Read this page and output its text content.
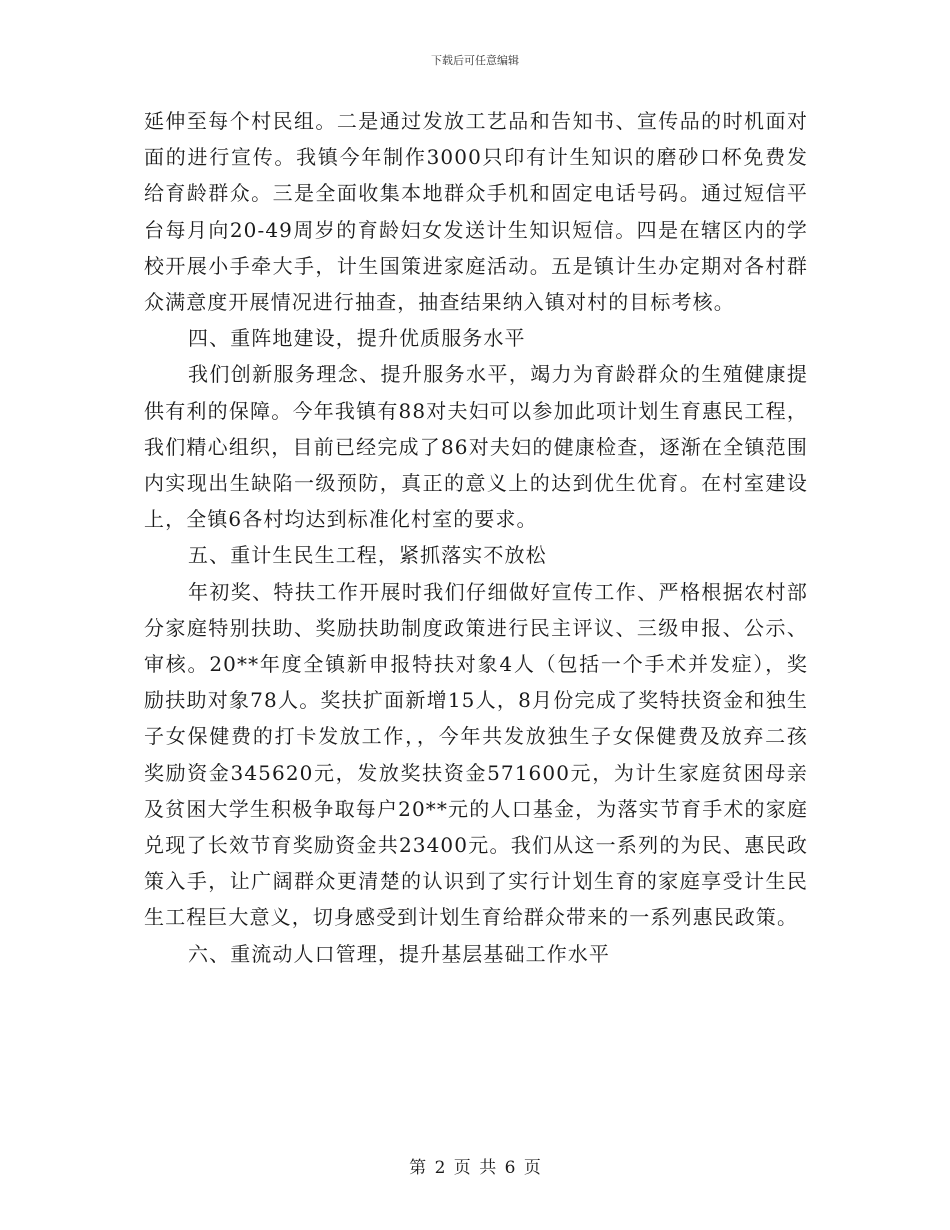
下载后可任意编辑

延伸至每个村民组。二是通过发放工艺品和告知书、宣传品的时机面对面的进行宣传。我镇今年制作3000只印有计生知识的磨砂口杯免费发给育龄群众。三是全面收集本地群众手机和固定电话号码。通过短信平台每月向20-49周岁的育龄妇女发送计生知识短信。四是在辖区内的学校开展小手牵大手，计生国策进家庭活动。五是镇计生办定期对各村群众满意度开展情况进行抽查，抽查结果纳入镇对村的目标考核。

四、重阵地建设，提升优质服务水平

我们创新服务理念、提升服务水平，竭力为育龄群众的生殖健康提供有利的保障。今年我镇有88对夫妇可以参加此项计划生育惠民工程，我们精心组织，目前已经完成了86对夫妇的健康检查，逐渐在全镇范围内实现出生缺陷一级预防，真正的意义上的达到优生优育。在村室建设上，全镇6各村均达到标准化村室的要求。

五、重计生民生工程，紧抓落实不放松

年初奖、特扶工作开展时我们仔细做好宣传工作、严格根据农村部分家庭特别扶助、奖励扶助制度政策进行民主评议、三级申报、公示、审核。20**年度全镇新申报特扶对象4人（包括一个手术并发症），奖励扶助对象78人。奖扶扩面新增15人，8月份完成了奖特扶资金和独生子女保健费的打卡发放工作，，今年共发放独生子女保健费及放弃二孩奖励资金345620元，发放奖扶资金571600元，为计生家庭贫困母亲及贫困大学生积极争取每户20**元的人口基金，为落实节育手术的家庭兑现了长效节育奖励资金共23400元。我们从这一系列的为民、惠民政策入手，让广阔群众更清楚的认识到了实行计划生育的家庭享受计生民生工程巨大意义，切身感受到计划生育给群众带来的一系列惠民政策。

六、重流动人口管理，提升基层基础工作水平

第 2 页 共 6 页
